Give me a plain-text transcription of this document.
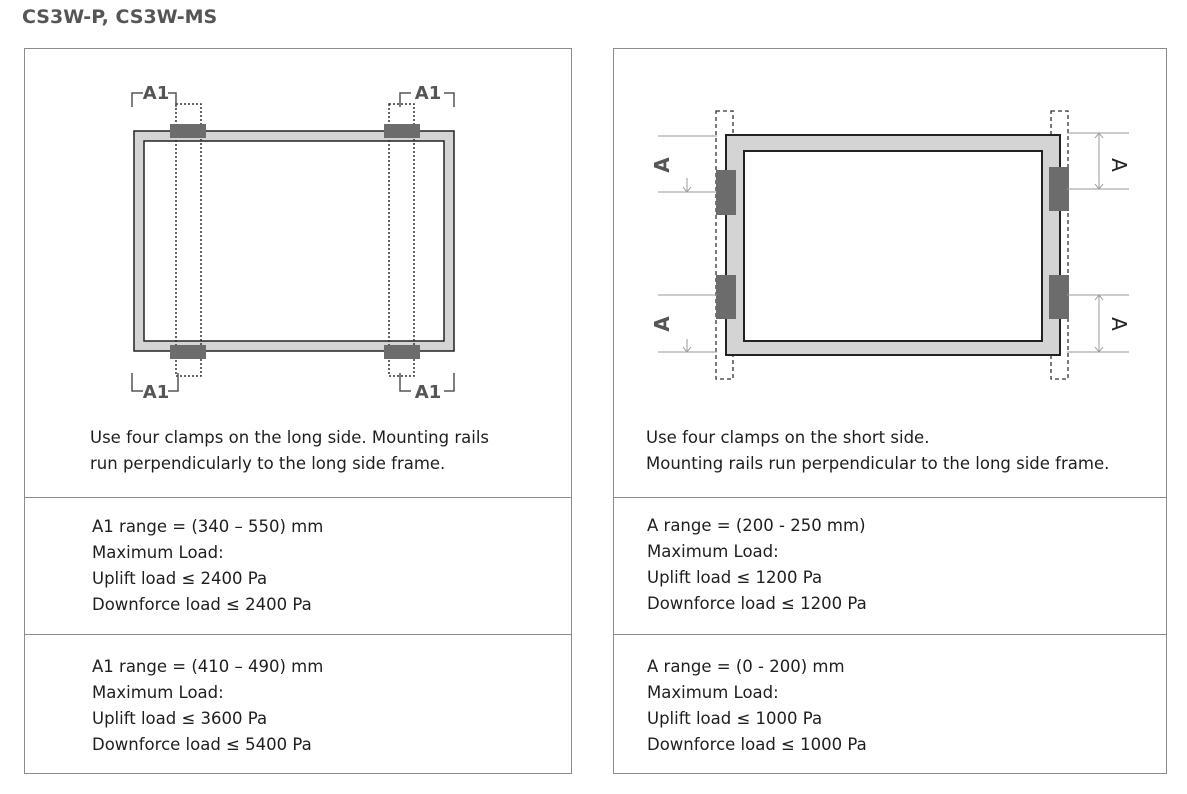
CS3W-P, CS3W-MS
A1	A1
A1	A1
Use four clamps on the long side. Mounting rails
run perpendicularly to the long side frame.
A1 range = (340 – 550) mm
Maximum Load:
Uplift load ≤ 2400 Pa
Downforce load ≤ 2400 Pa
A1 range = (410 – 490) mm
Maximum Load:
Uplift load ≤ 3600 Pa
Downforce load ≤ 5400 Pa
A
A
A
A
Use four clamps on the short side.
Mounting rails run perpendicular to the long side frame.
A range = (200 - 250 mm)
Maximum Load:
Uplift load ≤ 1200 Pa
Downforce load ≤ 1200 Pa
A range = (0 - 200) mm
Maximum Load:
Uplift load ≤ 1000 Pa
Downforce load ≤ 1000 Pa
